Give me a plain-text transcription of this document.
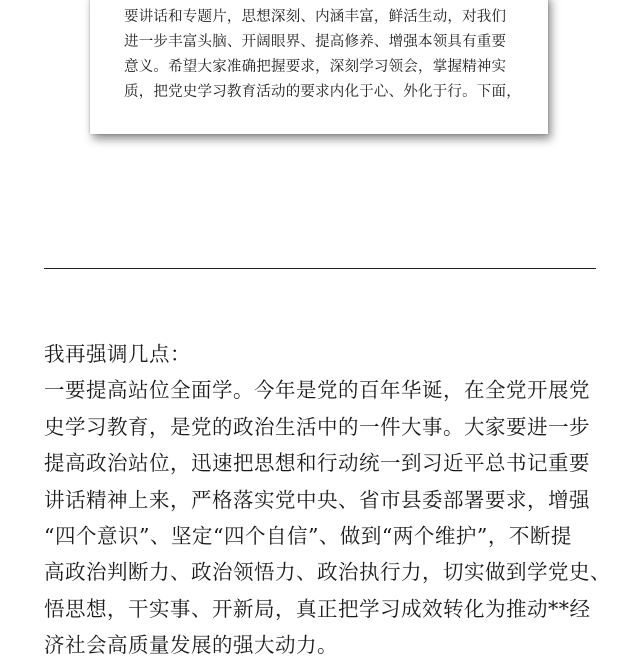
要讲话和专题片，思想深刻、内涵丰富，鲜活生动，对我们
进一步丰富头脑、开阔眼界、提高修养、增强本领具有重要
意义。希望大家准确把握要求，深刻学习领会，掌握精神实
质，把党史学习教育活动的要求内化于心、外化于行。下面，
我再强调几点：
一要提高站位全面学。今年是党的百年华诞，在全党开展党
史学习教育，是党的政治生活中的一件大事。大家要进一步
提高政治站位，迅速把思想和行动统一到习近平总书记重要
讲话精神上来，严格落实党中央、省市县委部署要求，增强
“四个意识”、坚定“四个自信”、做到“两个维护”，不断提
高政治判断力、政治领悟力、政治执行力，切实做到学党史、
悟思想，干实事、开新局，真正把学习成效转化为推动**经
济社会高质量发展的强大动力。
